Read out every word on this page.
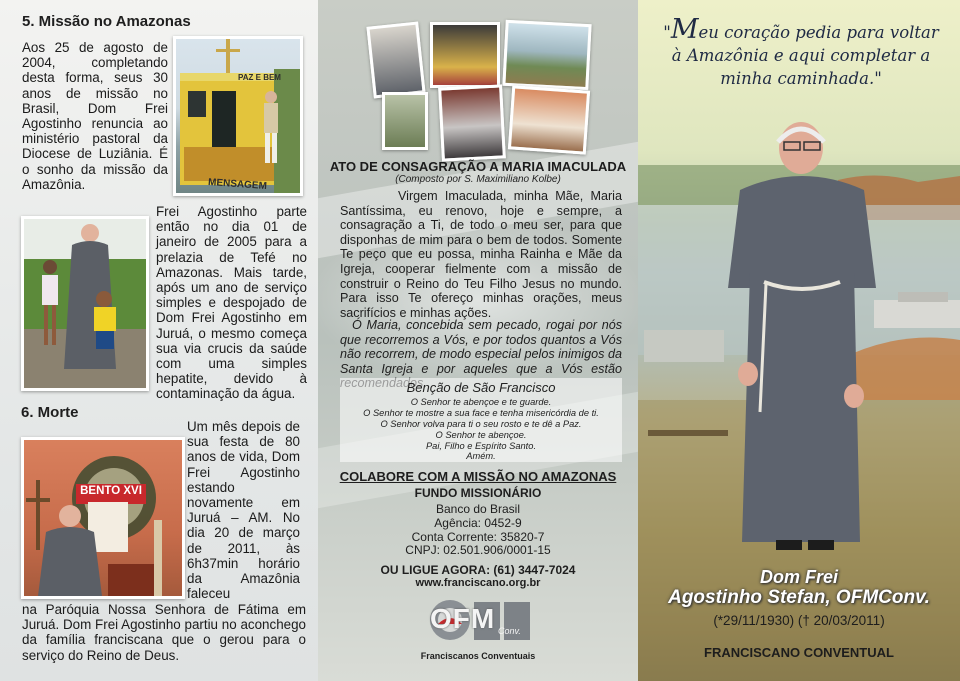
5. Missão no Amazonas
Aos 25 de agosto de 2004, completando desta forma, seus 30 anos de missão no Brasil, Dom Frei Agostinho renuncia ao ministério pastoral da Diocese de Luziânia. É o sonho da missão da Amazônia.
PAZ E BEM
MENSAGEM
Frei Agostinho parte então no dia 01 de janeiro de 2005 para a prelazia de Tefé no Amazonas. Mais tarde, após um ano de serviço simples e despojado de Dom Frei Agostinho em Juruá, o mesmo começa sua via crucis da saúde com uma simples hepatite, devido à contaminação da água.
6. Morte
BENTO XVI
Um mês depois de sua festa de 80 anos de vida, Dom Frei Agostinho estando novamente em Juruá – AM. No dia 20 de março de 2011, às 6h37min horário da Amazônia faleceu
na Paróquia Nossa Senhora de Fátima em Juruá. Dom Frei Agostinho partiu no aconchego da família franciscana que o gerou para o serviço do Reino de Deus.
ATO DE CONSAGRAÇÃO A MARIA IMACULADA
(Composto por S. Maximiliano Kolbe)
Virgem Imaculada, minha Mãe, Maria Santíssima, eu renovo, hoje e sempre, a consagração a Ti, de todo o meu ser, para que disponhas de mim para o bem de todos. Somente Te peço que eu possa, minha Rainha e Mãe da Igreja, cooperar fielmente com a missão de construir o Reino do Teu Filho Jesus no mundo. Para isso Te ofereço minhas orações, meus sacrifícios e minhas ações.
Ó Maria, concebida sem pecado, rogai por nós que recorremos a Vós, e por todos quantos a Vós não recorrem, de modo especial pelos inimigos da Santa Igreja e por aqueles que a Vós estão
Benção de São Francisco
O Senhor te abençoe e te guarde.
O Senhor te mostre a sua face e tenha misericórdia de ti.
O Senhor volva para ti o seu rosto e te dê a Paz.
O Senhor te abençoe.
Pai, Filho e Espírito Santo.
Amém.
COLABORE COM A MISSÃO NO AMAZONAS
FUNDO MISSIONÁRIO
Banco do Brasil
Agência: 0452-9
Conta Corrente: 35820-7
CNPJ: 02.501.906/0001-15
OU LIGUE AGORA: (61) 3447-7024
www.franciscano.org.br
OFM Conv.
Franciscanos Conventuais
"Meu coração pedia para voltar à Amazônia e aqui completar a minha caminhada."
Dom Frei
Agostinho Stefan, OFMConv.
(*29/11/1930) († 20/03/2011)
FRANCISCANO CONVENTUAL
